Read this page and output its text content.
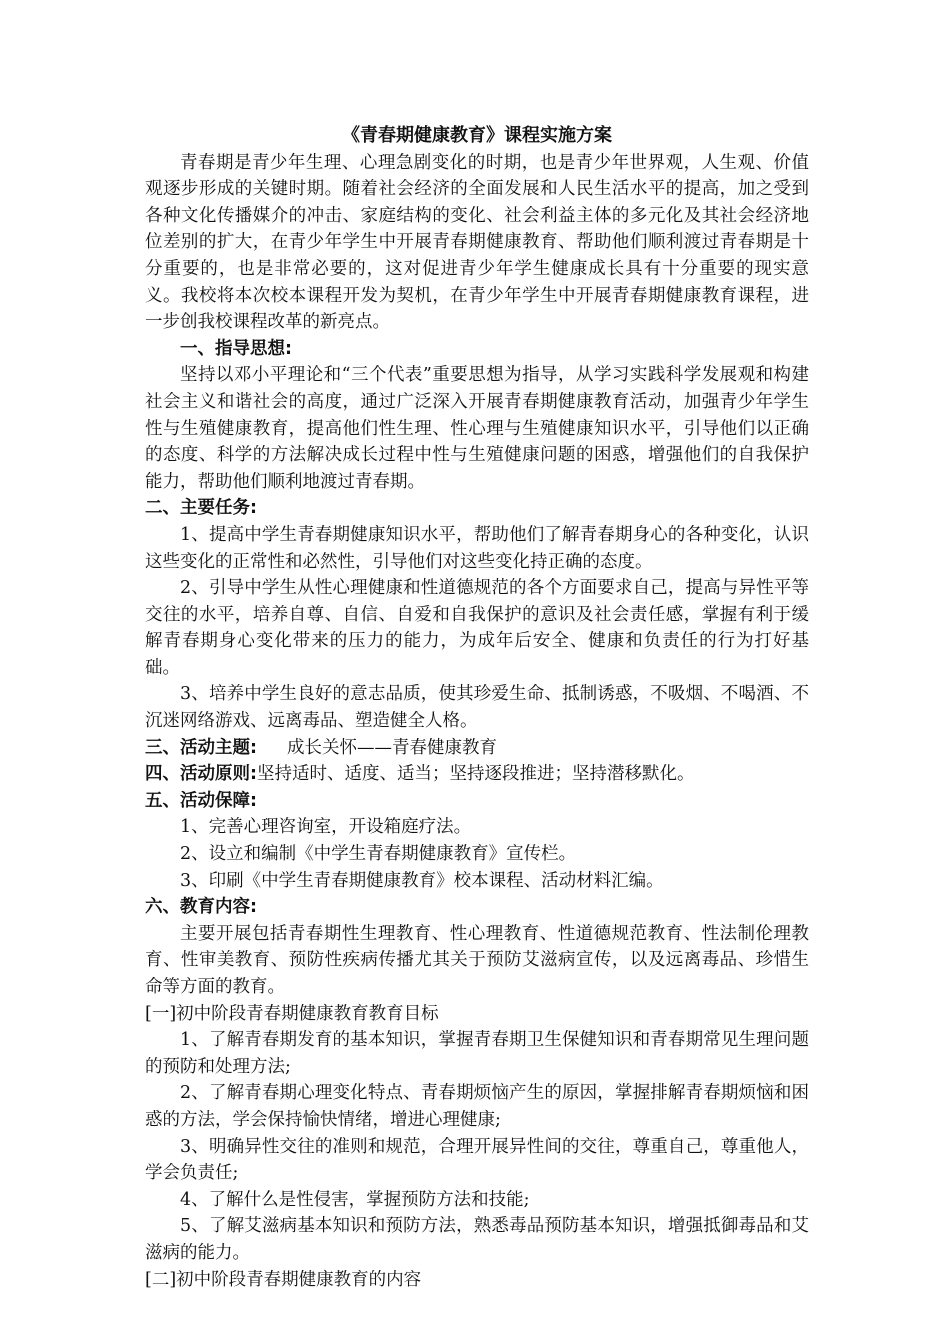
《青春期健康教育》课程实施方案

青春期是青少年生理、心理急剧变化的时期，也是青少年世界观，人生观、价值观逐步形成的关键时期。随着社会经济的全面发展和人民生活水平的提高，加之受到各种文化传播媒介的冲击、家庭结构的变化、社会利益主体的多元化及其社会经济地位差别的扩大，在青少年学生中开展青春期健康教育、帮助他们顺利渡过青春期是十分重要的，也是非常必要的，这对促进青少年学生健康成长具有十分重要的现实意义。我校将本次校本课程开发为契机，在青少年学生中开展青春期健康教育课程，进一步创我校课程改革的新亮点。

一、指导思想:

坚持以邓小平理论和“三个代表”重要思想为指导，从学习实践科学发展观和构建社会主义和谐社会的高度，通过广泛深入开展青春期健康教育活动，加强青少年学生性与生殖健康教育，提高他们性生理、性心理与生殖健康知识水平，引导他们以正确的态度、科学的方法解决成长过程中性与生殖健康问题的困惑，增强他们的自我保护能力，帮助他们顺利地渡过青春期。

二、主要任务:

1、提高中学生青春期健康知识水平，帮助他们了解青春期身心的各种变化，认识这些变化的正常性和必然性，引导他们对这些变化持正确的态度。

2、引导中学生从性心理健康和性道德规范的各个方面要求自己，提高与异性平等交往的水平，培养自尊、自信、自爱和自我保护的意识及社会责任感，掌握有利于缓解青春期身心变化带来的压力的能力，为成年后安全、健康和负责任的行为打好基础。

3、培养中学生良好的意志品质，使其珍爱生命、抵制诱惑，不吸烟、不喝酒、不沉迷网络游戏、远离毒品、塑造健全人格。

三、活动主题: 成长关怀——青春健康教育

四、活动原则:坚持适时、适度、适当；坚持逐段推进；坚持潜移默化。

五、活动保障:

1、完善心理咨询室，开设箱庭疗法。

2、设立和编制《中学生青春期健康教育》宣传栏。

3、印刷《中学生青春期健康教育》校本课程、活动材料汇编。

六、教育内容:

主要开展包括青春期性生理教育、性心理教育、性道德规范教育、性法制伦理教育、性审美教育、预防性疾病传播尤其关于预防艾滋病宣传，以及远离毒品、珍惜生命等方面的教育。

[一]初中阶段青春期健康教育教育目标

1、了解青春期发育的基本知识，掌握青春期卫生保健知识和青春期常见生理问题的预防和处理方法;

2、了解青春期心理变化特点、青春期烦恼产生的原因，掌握排解青春期烦恼和困惑的方法，学会保持愉快情绪，增进心理健康;

3、明确异性交往的准则和规范，合理开展异性间的交往，尊重自己，尊重他人，学会负责任;

4、了解什么是性侵害，掌握预防方法和技能;

5、了解艾滋病基本知识和预防方法，熟悉毒品预防基本知识，增强抵御毒品和艾滋病的能力。

[二]初中阶段青春期健康教育的内容
